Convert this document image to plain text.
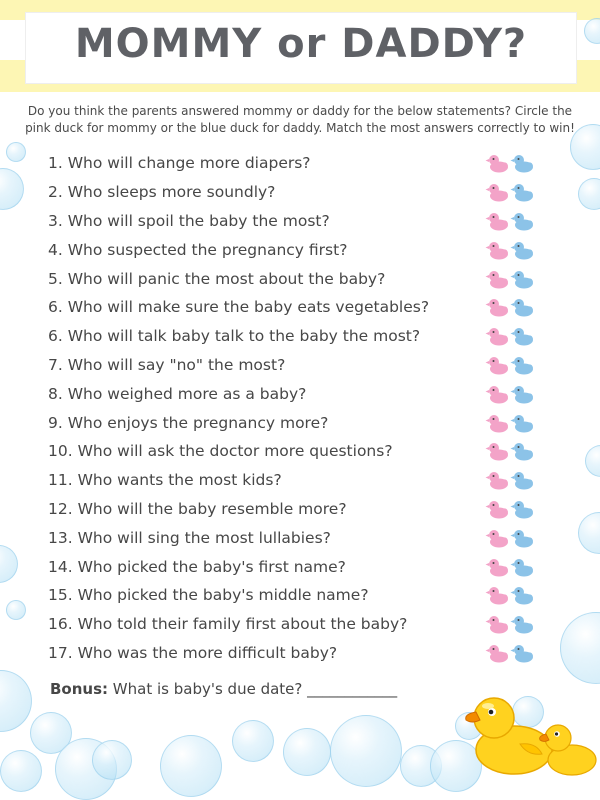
MOMMY or DADDY?

Do you think the parents answered mommy or daddy for the below statements? Circle the pink duck for mommy or the blue duck for daddy. Match the most answers correctly to win!

1. Who will change more diapers?
2. Who sleeps more soundly?
3. Who will spoil the baby the most?
4. Who suspected the pregnancy first?
5. Who will panic the most about the baby?
6. Who will make sure the baby eats vegetables?
6. Who will talk baby talk to the baby the most?
7. Who will say "no" the most?
8. Who weighed more as a baby?
9. Who enjoys the pregnancy more?
10. Who will ask the doctor more questions?
11. Who wants the most kids?
12. Who will the baby resemble more?
13. Who will sing the most lullabies?
14. Who picked the baby's first name?
15. Who picked the baby's middle name?
16. Who told their family first about the baby?
17. Who was the more difficult baby?
Bonus: What is baby's due date? ____________
